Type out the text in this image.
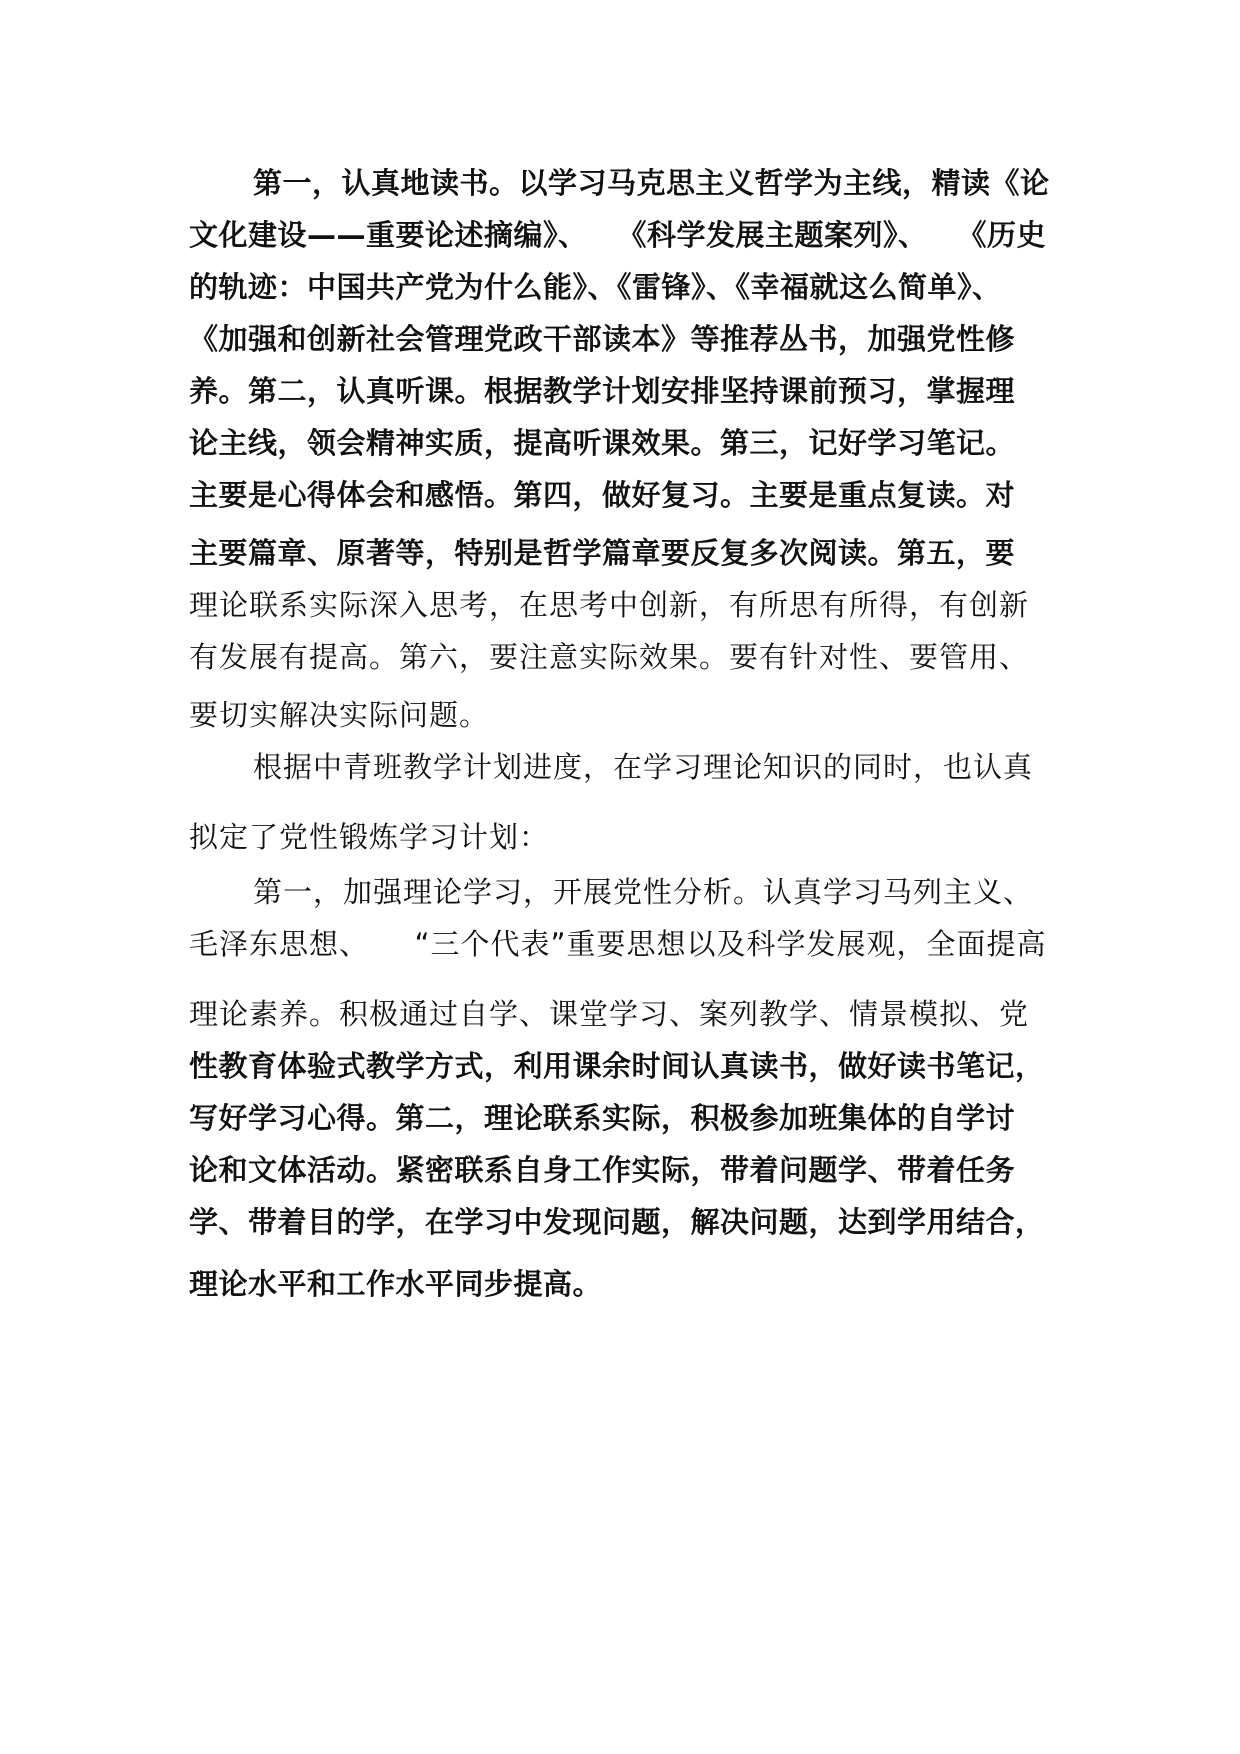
第一，认真地读书。以学习马克思主义哲学为主线，精读《论
文化建设——重要论述摘编》、　　《科学发展主题案列》、　　《历史
的轨迹：中国共产党为什么能》、《雷锋》、《幸福就这么简单》、
《加强和创新社会管理党政干部读本》等推荐丛书，加强党性修
养。第二，认真听课。根据教学计划安排坚持课前预习，掌握理
论主线，领会精神实质，提高听课效果。第三，记好学习笔记。
主要是心得体会和感悟。第四，做好复习。主要是重点复读。对
主要篇章、原著等，特别是哲学篇章要反复多次阅读。第五，要
理论联系实际深入思考，在思考中创新，有所思有所得，有创新
有发展有提高。第六，要注意实际效果。要有针对性、要管用、
要切实解决实际问题。
根据中青班教学计划进度，在学习理论知识的同时，也认真
拟定了党性锻炼学习计划：
第一，加强理论学习，开展党性分析。认真学习马列主义、
毛泽东思想、　　“三个代表”重要思想以及科学发展观，全面提高
理论素养。积极通过自学、课堂学习、案列教学、情景模拟、党
性教育体验式教学方式，利用课余时间认真读书，做好读书笔记，
写好学习心得。第二，理论联系实际，积极参加班集体的自学讨
论和文体活动。紧密联系自身工作实际，带着问题学、带着任务
学、带着目的学，在学习中发现问题，解决问题，达到学用结合，
理论水平和工作水平同步提高。
